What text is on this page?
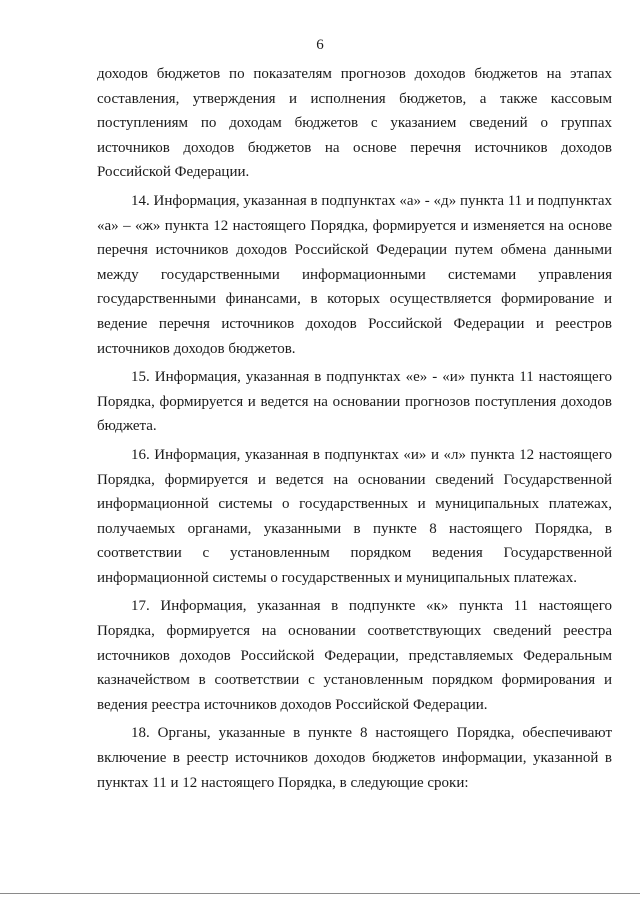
6

доходов бюджетов по показателям прогнозов доходов бюджетов на этапах составления, утверждения и исполнения бюджетов, а также кассовым поступлениям по доходам бюджетов с указанием сведений о группах источников доходов бюджетов на основе перечня источников доходов Российской Федерации.

14. Информация, указанная в подпунктах «а» - «д» пункта 11 и подпунктах «а» – «ж» пункта 12 настоящего Порядка, формируется и изменяется на основе перечня источников доходов Российской Федерации путем обмена данными между государственными информационными системами управления государственными финансами, в которых осуществляется формирование и ведение перечня источников доходов Российской Федерации и реестров источников доходов бюджетов.

15. Информация, указанная в подпунктах «е» - «и» пункта 11 настоящего Порядка, формируется и ведется на основании прогнозов поступления доходов бюджета.

16. Информация, указанная в подпунктах «и» и «л» пункта 12 настоящего Порядка, формируется и ведется на основании сведений Государственной информационной системы о государственных и муниципальных платежах, получаемых органами, указанными в пункте 8 настоящего Порядка, в соответствии с установленным порядком ведения Государственной информационной системы о государственных и муниципальных платежах.

17. Информация, указанная в подпункте «к» пункта 11 настоящего Порядка, формируется на основании соответствующих сведений реестра источников доходов Российской Федерации, представляемых Федеральным казначейством в соответствии с установленным порядком формирования и ведения реестра источников доходов Российской Федерации.

18. Органы, указанные в пункте 8 настоящего Порядка, обеспечивают включение в реестр источников доходов бюджетов информации, указанной в пунктах 11 и 12 настоящего Порядка, в следующие сроки:
